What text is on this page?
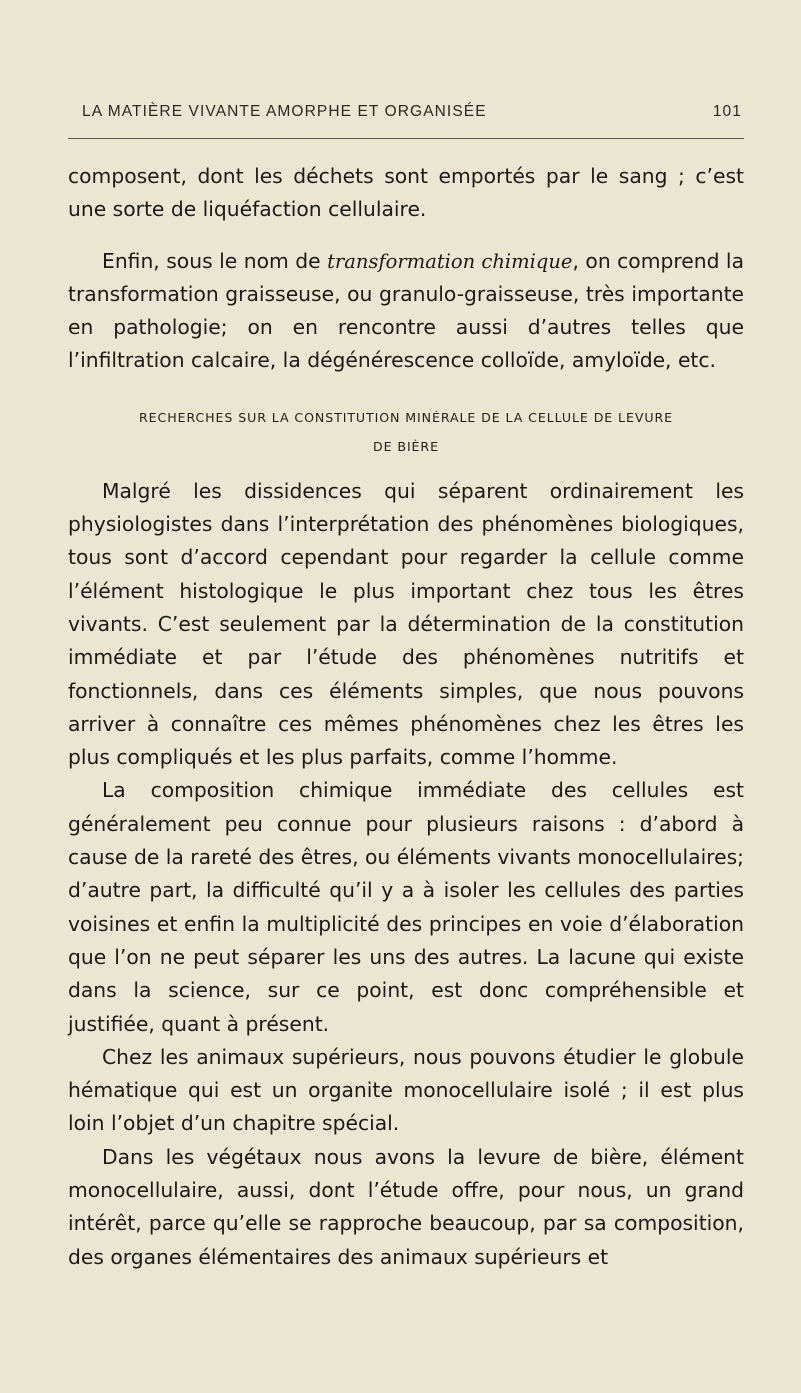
LA MATIÈRE VIVANTE AMORPHE ET ORGANISÉE	101

composent, dont les déchets sont emportés par le sang ; c’est une sorte de liquéfaction cellulaire.

Enfin, sous le nom de transformation chimique, on comprend la transformation graisseuse, ou granulo-graisseuse, très importante en pathologie; on en rencontre aussi d’autres telles que l’infiltration calcaire, la dégénérescence colloïde, amyloïde, etc.

RECHERCHES SUR LA CONSTITUTION MINÉRALE DE LA CELLULE DE LEVURE
DE BIÈRE

Malgré les dissidences qui séparent ordinairement les physiologistes dans l’interprétation des phénomènes biologiques, tous sont d’accord cependant pour regarder la cellule comme l’élément histologique le plus important chez tous les êtres vivants. C’est seulement par la détermination de la constitution immédiate et par l’étude des phénomènes nutritifs et fonctionnels, dans ces éléments simples, que nous pouvons arriver à connaître ces mêmes phénomènes chez les êtres les plus compliqués et les plus parfaits, comme l’homme.

La composition chimique immédiate des cellules est généralement peu connue pour plusieurs raisons : d’abord à cause de la rareté des êtres, ou éléments vivants monocellulaires; d’autre part, la difficulté qu’il y a à isoler les cellules des parties voisines et enfin la multiplicité des principes en voie d’élaboration que l’on ne peut séparer les uns des autres. La lacune qui existe dans la science, sur ce point, est donc compréhensible et justifiée, quant à présent.

Chez les animaux supérieurs, nous pouvons étudier le globule hématique qui est un organite monocellulaire isolé ; il est plus loin l’objet d’un chapitre spécial.

Dans les végétaux nous avons la levure de bière, élément monocellulaire, aussi, dont l’étude offre, pour nous, un grand intérêt, parce qu’elle se rapproche beaucoup, par sa composition, des organes élémentaires des animaux supérieurs et
